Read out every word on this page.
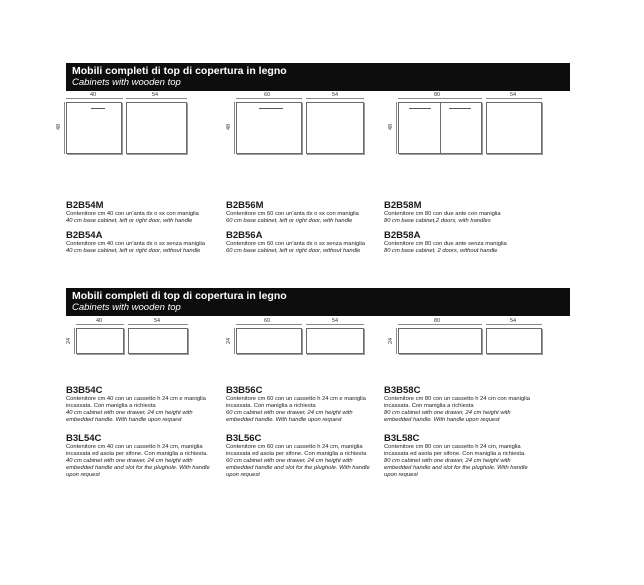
Mobili completi di top di copertura in legno
Cabinets with wooden top
40	54
48
60	54
48
80	54
48
B2B54M
Contenitore cm 40 con un'anta dx o sx con maniglia
40 cm base cabinet, left or right door, with handle
B2B54A
Contenitore cm 40 con un'anta dx o sx senza maniglia
40 cm base cabinet, left or right door, without handle
B2B56M
Contenitore cm 60 con un'anta dx o sx con maniglia
60 cm base cabinet, left or right door, with handle
B2B56A
Contenitore cm 60 con un'anta dx o sx senza maniglia
60 cm base cabinet, left or right door, without handle
B2B58M
Contenitore cm 80 con due ante con maniglia
80 cm base cabinet,2 doors, with handles
B2B58A
Contenitore cm 80 con due ante senza maniglia
80 cm base cabinet, 2 doors, without handle
Mobili completi di top di copertura in legno
Cabinets with wooden top
40	54
24
60	54
24
80	54
24
B3B54C
Contenitore cm 40 con un cassetto h 24 cm e maniglia incassata. Con maniglia a richiesta
40 cm cabinet with one drawer, 24 cm height with embedded handle. With handle upon request
B3L54C
Contenitore cm 40 con un cassetto h 24 cm, maniglia incassata ed asola per sifone. Con maniglia a richiesta.
40 cm cabinet with one drawer, 24 cm height with embedded handle and slot for the plughole. With handle upon request
B3B56C
Contenitore cm 60 con un cassetto h 24 cm e maniglia incassata. Con maniglia a richiesta
60 cm cabinet with one drawer, 24 cm height with embedded handle. With handle upon request
B3L56C
Contenitore cm 60 con un cassetto h 24 cm, maniglia incassata ed asola per sifone. Con maniglia a richiesta
60 cm cabinet with one drawer, 24 cm height with embedded handle and slot for the plughole. With handle upon request
B3B58C
Contenitore cm 80 con un cassetto h 24 cm con maniglia incassata. Con maniglia a richiesta
80 cm cabinet with one drawer, 24 cm height with embedded handle. With handle upon request
B3L58C
Contenitore cm 80 con un cassetto h 24 cm, maniglia incassata ed asola per sifone. Con maniglia a richiesta.
80 cm cabinet with one drawer, 24 cm height with embedded handle and slot for the plughole. With handle upon request
